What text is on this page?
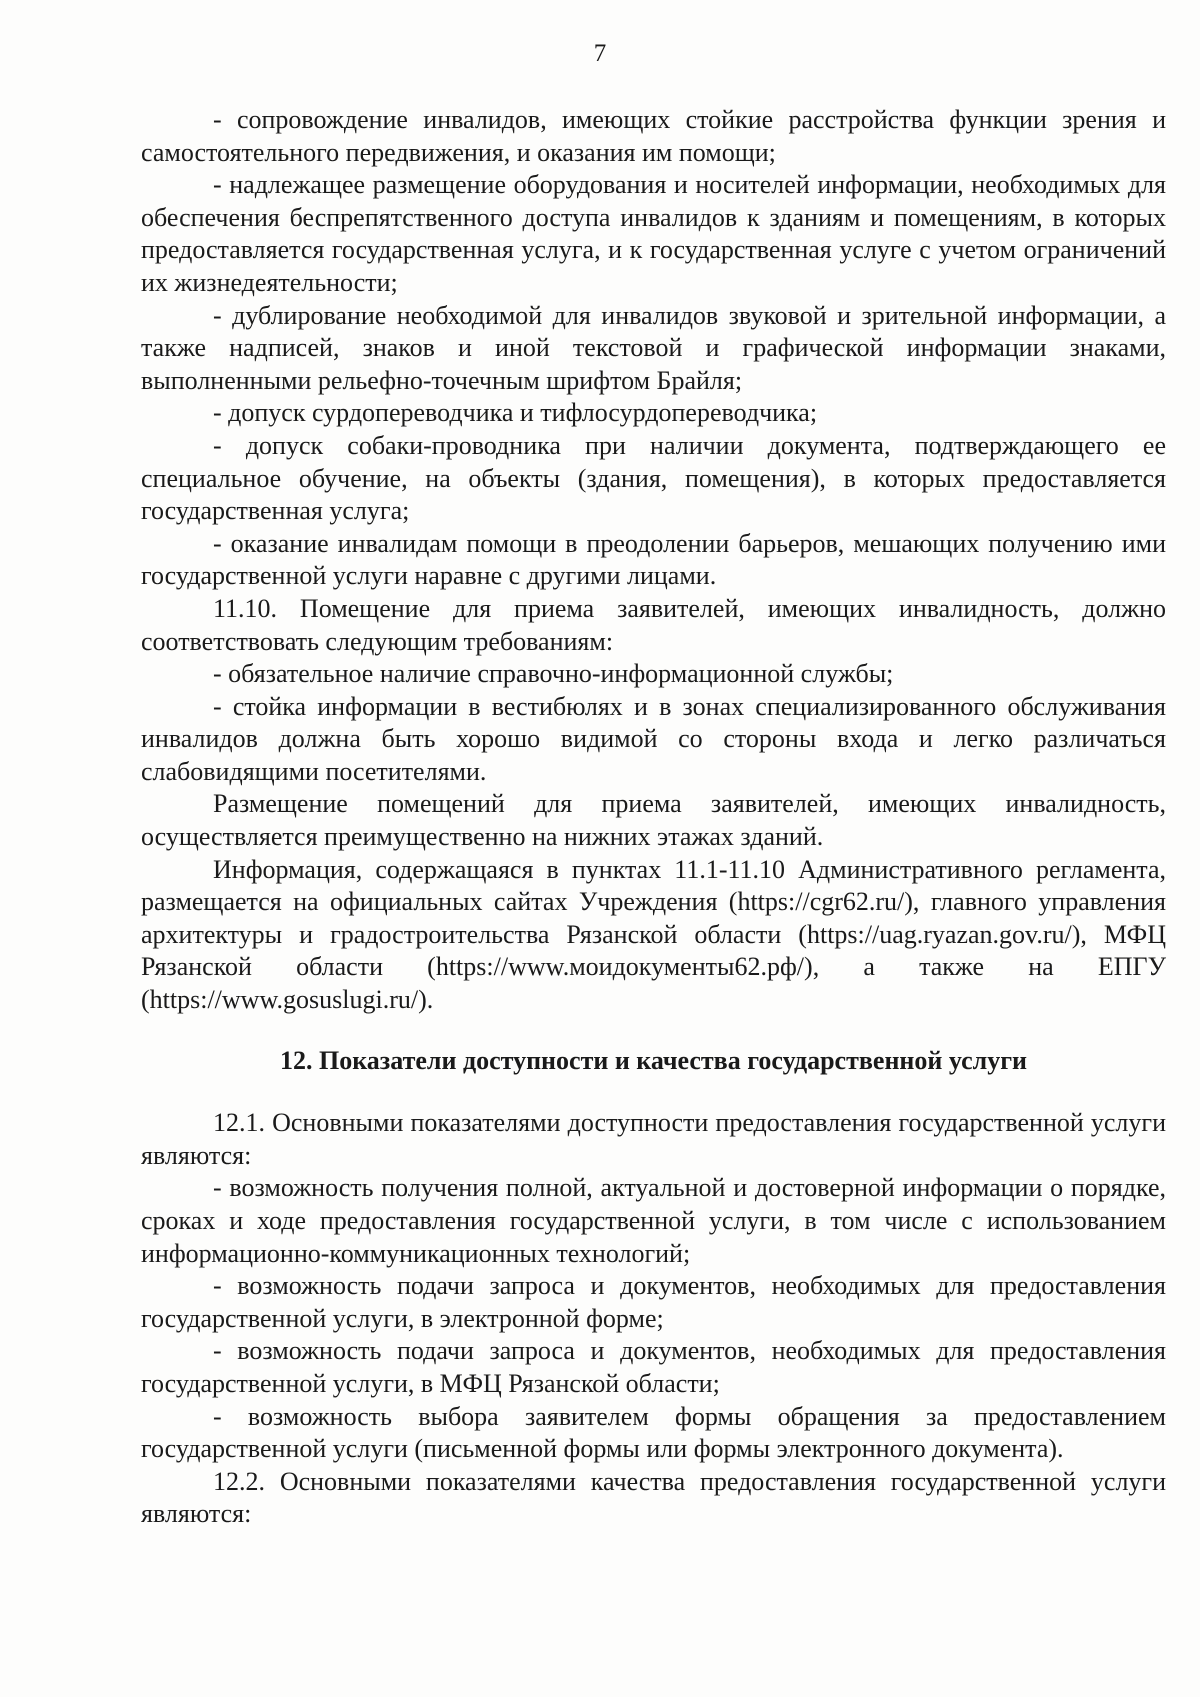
7

- сопровождение инвалидов, имеющих стойкие расстройства функции зрения и самостоятельного передвижения, и оказания им помощи;

- надлежащее размещение оборудования и носителей информации, необходимых для обеспечения беспрепятственного доступа инвалидов к зданиям и помещениям, в которых предоставляется государственная услуга, и к государственная услуге с учетом ограничений их жизнедеятельности;

- дублирование необходимой для инвалидов звуковой и зрительной информации, а также надписей, знаков и иной текстовой и графической информации знаками, выполненными рельефно-точечным шрифтом Брайля;

- допуск сурдопереводчика и тифлосурдопереводчика;

- допуск собаки-проводника при наличии документа, подтверждающего ее специальное обучение, на объекты (здания, помещения), в которых предоставляется государственная услуга;

- оказание инвалидам помощи в преодолении барьеров, мешающих получению ими государственной услуги наравне с другими лицами.

11.10. Помещение для приема заявителей, имеющих инвалидность, должно соответствовать следующим требованиям:

- обязательное наличие справочно-информационной службы;

- стойка информации в вестибюлях и в зонах специализированного обслуживания инвалидов должна быть хорошо видимой со стороны входа и легко различаться слабовидящими посетителями.

Размещение помещений для приема заявителей, имеющих инвалидность, осуществляется преимущественно на нижних этажах зданий.

Информация, содержащаяся в пунктах 11.1-11.10 Административного регламента, размещается на официальных сайтах Учреждения (https://cgr62.ru/), главного управления архитектуры и градостроительства Рязанской области (https://uag.ryazan.gov.ru/), МФЦ Рязанской области (https://www.моидокументы62.рф/), а также на ЕПГУ (https://www.gosuslugi.ru/).

12. Показатели доступности и качества государственной услуги

12.1. Основными показателями доступности предоставления государственной услуги являются:

- возможность получения полной, актуальной и достоверной информации о порядке, сроках и ходе предоставления государственной услуги, в том числе с использованием информационно-коммуникационных технологий;

- возможность подачи запроса и документов, необходимых для предоставления государственной услуги, в электронной форме;

- возможность подачи запроса и документов, необходимых для предоставления государственной услуги, в МФЦ Рязанской области;

- возможность выбора заявителем формы обращения за предоставлением государственной услуги (письменной формы или формы электронного документа).

12.2. Основными показателями качества предоставления государственной услуги являются:
